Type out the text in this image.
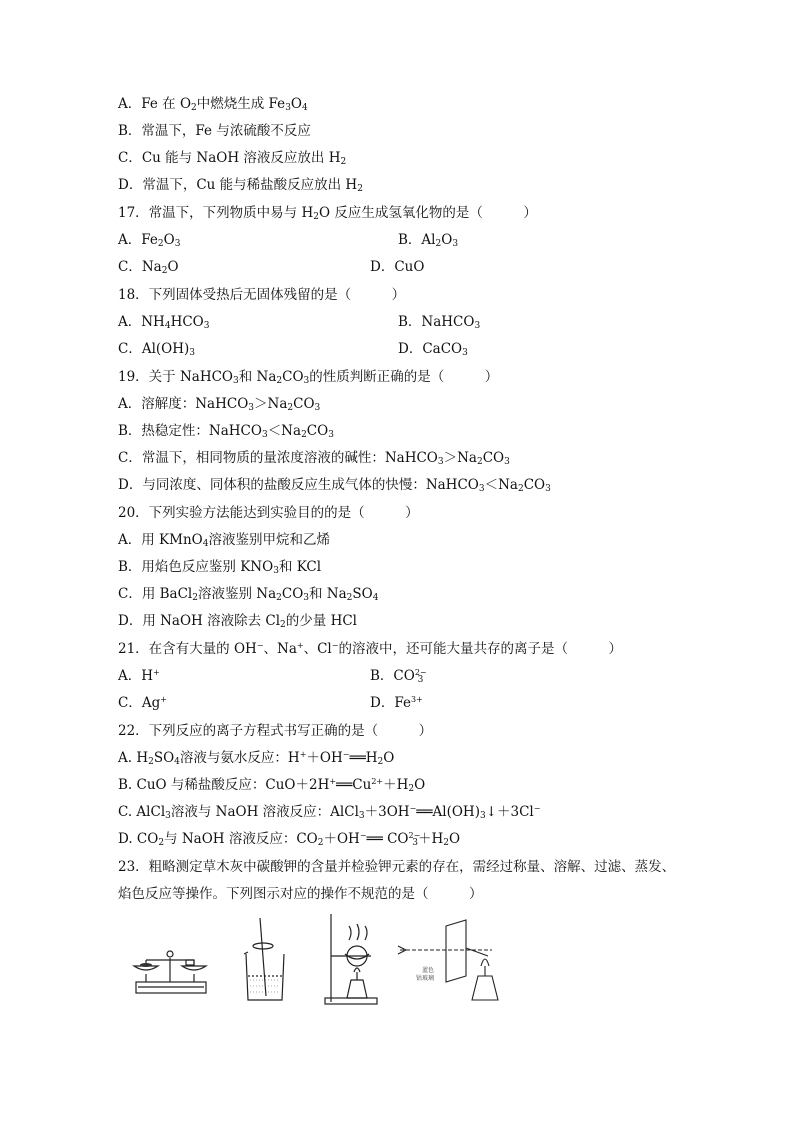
A．Fe 在 $O_2$中燃烧生成 $Fe_3O_4$
B．常温下，Fe 与浓硫酸不反应
C．Cu 能与 NaOH 溶液反应放出 $H_2$
D．常温下，Cu 能与稀盐酸反应放出 $H_2$
17．常温下，下列物质中易与 $H_2O$ 反应生成氢氧化物的是（　　　）
A．$Fe_2O_3$	B．$Al_2O_3$
C．$Na_2O$	D．CuO
18．下列固体受热后无固体残留的是（　　　）
A．$NH_4HCO_3$	B．NaHCO$_3$
C．$Al(OH)_3$	D．CaCO$_3$
19．关于 NaHCO$_3$和 $Na_2CO_3$的性质判断正确的是（　　　）
A．溶解度：$NaHCO_3>Na_2CO_3$
B．热稳定性：$NaHCO_3<Na_2CO_3$
C．常温下，相同物质的量浓度溶液的碱性：$NaHCO_3>Na_2CO_3$
D．与同浓度、同体积的盐酸反应生成气体的快慢：$NaHCO_3<Na_2CO_3$
20．下列实验方法能达到实验目的的是（　　　）
A．用 KMnO$_4$溶液鉴别甲烷和乙烯
B．用焰色反应鉴别 $KNO_3$和 KCl
C．用 BaCl$_2$溶液鉴别 $Na_2CO_3$和 $Na_2SO_4$
D．用 NaOH 溶液除去 $Cl_2$的少量 HCl
21．在含有大量的 OH−、Na+、Cl−的溶液中，还可能大量共存的离子是（　　　）
A．H+	B．$CO^{2-}_3$
C．Ag+	D．$Fe^{3+}$
22．下列反应的离子方程式书写正确的是（　　　）
A. $H_2SO_4$溶液与氨水反应：$H^++OH^-══H_2O$
B. CuO 与稀盐酸反应：$CuO+2H^+══Cu^{2+}+H_2O$
C. AlCl$_3$溶液与 NaOH 溶液反应：$AlCl_3+3OH^-══Al(OH)_3↓+3Cl^-$
D. $CO_2$与 NaOH 溶液反应：$CO_2+OH^-══$ $CO^{2-}_3+H_2O$
23．粗略测定草木灰中碳酸钾的含量并检验钾元素的存在，需经过称量、溶解、过滤、蒸发、
焰色反应等操作。下列图示对应的操作不规范的是（　　　）
蓝色
钴玻璃
